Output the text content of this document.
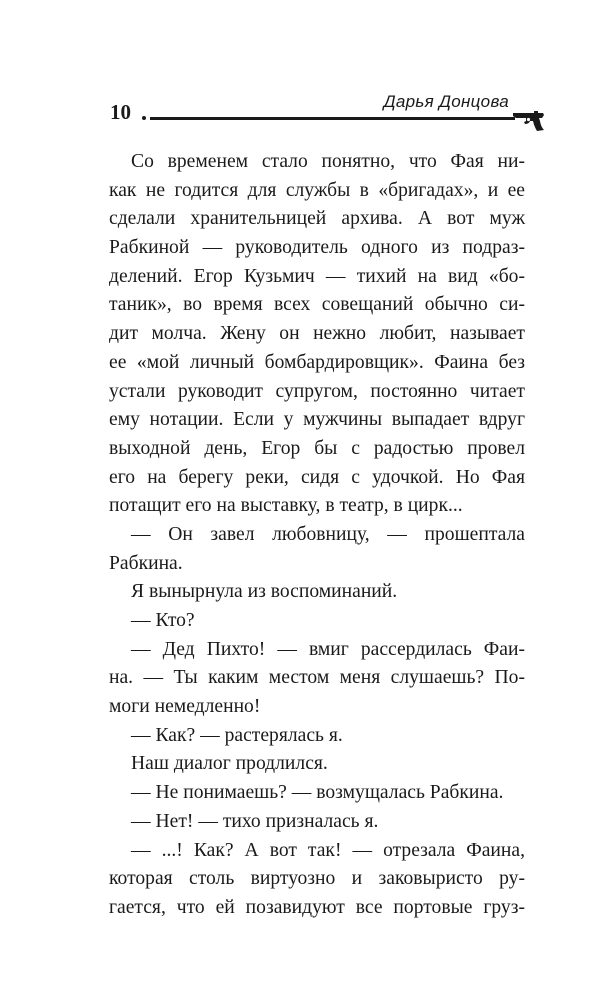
10	Дарья Донцова
Со временем стало понятно, что Фая ни-
как не годится для службы в «бригадах», и ее
сделали хранительницей архива. А вот муж
Рабкиной — руководитель одного из подраз-
делений. Егор Кузьмич — тихий на вид «бо-
таник», во время всех совещаний обычно си-
дит молча. Жену он нежно любит, называет
ее «мой личный бомбардировщик». Фаина без
устали руководит супругом, постоянно читает
ему нотации. Если у мужчины выпадает вдруг
выходной день, Егор бы с радостью провел
его на берегу реки, сидя с удочкой. Но Фая
потащит его на выставку, в театр, в цирк...
— Он завел любовницу, — прошептала
Рабкина.
Я вынырнула из воспоминаний.
— Кто?
— Дед Пихто! — вмиг рассердилась Фаи-
на. — Ты каким местом меня слушаешь? По-
моги немедленно!
— Как? — растерялась я.
Наш диалог продлился.
— Не понимаешь? — возмущалась Рабкина.
— Нет! — тихо призналась я.
— ...! Как? А вот так! — отрезала Фаина,
которая столь виртуозно и заковыристо ру-
гается, что ей позавидуют все портовые груз-
